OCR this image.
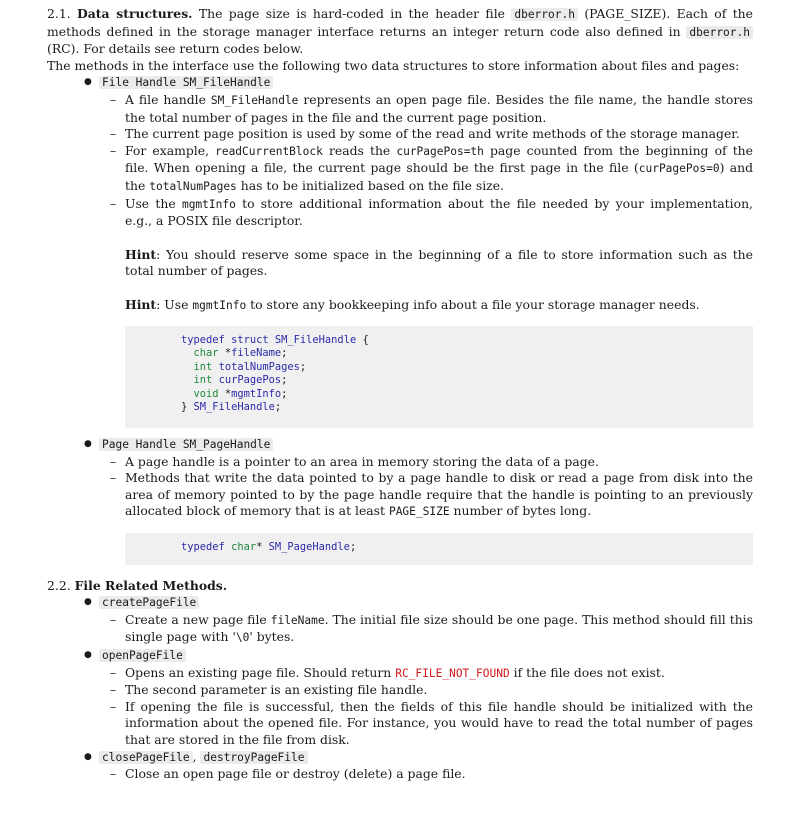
2.1. Data structures. The page size is hard-coded in the header file dberror.h (PAGE_SIZE). Each of the methods defined in the storage manager interface returns an integer return code also defined in dberror.h (RC). For details see return codes below.

The methods in the interface use the following two data structures to store information about files and pages:

● File Handle SM_FileHandle
– A file handle SM_FileHandle represents an open page file. Besides the file name, the handle stores the total number of pages in the file and the current page position.
– The current page position is used by some of the read and write methods of the storage manager.
– For example, readCurrentBlock reads the curPagePos=th page counted from the beginning of the file. When opening a file, the current page should be the first page in the file (curPagePos=0) and the totalNumPages has to be initialized based on the file size.
– Use the mgmtInfo to store additional information about the file needed by your implementation, e.g., a POSIX file descriptor.

Hint: You should reserve some space in the beginning of a file to store information such as the total number of pages.

Hint: Use mgmtInfo to store any bookkeeping info about a file your storage manager needs.

typedef struct SM_FileHandle {
char *fileName;
int totalNumPages;
int curPagePos;
void *mgmtInfo;
} SM_FileHandle;
● Page Handle SM_PageHandle
– A page handle is a pointer to an area in memory storing the data of a page.
– Methods that write the data pointed to by a page handle to disk or read a page from disk into the area of memory pointed to by the page handle require that the handle is pointing to an previously allocated block of memory that is at least PAGE_SIZE number of bytes long.
typedef char* SM_PageHandle;

2.2. File Related Methods.

● createPageFile
– Create a new page file fileName. The initial file size should be one page. This method should fill this single page with '\0' bytes.
● openPageFile
– Opens an existing page file. Should return RC_FILE_NOT_FOUND if the file does not exist.
– The second parameter is an existing file handle.
– If opening the file is successful, then the fields of this file handle should be initialized with the information about the opened file. For instance, you would have to read the total number of pages that are stored in the file from disk.
● closePageFile , destroyPageFile
– Close an open page file or destroy (delete) a page file.
